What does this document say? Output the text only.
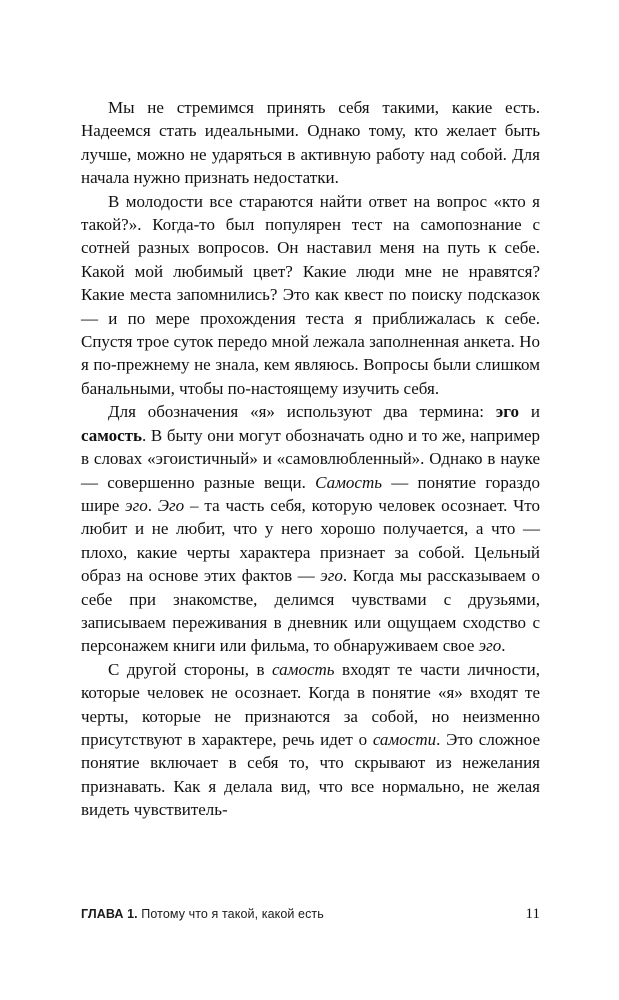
Мы не стремимся принять себя такими, какие есть. Надеемся стать идеальными. Однако тому, кто желает быть лучше, можно не ударяться в активную работу над собой. Для начала нужно признать недостатки.

В молодости все стараются найти ответ на вопрос «кто я такой?». Когда-то был популярен тест на самопознание с сотней разных вопросов. Он наставил меня на путь к себе. Какой мой любимый цвет? Какие люди мне не нравятся? Какие места запомнились? Это как квест по поиску подсказок — и по мере прохождения теста я приближалась к себе. Спустя трое суток передо мной лежала заполненная анкета. Но я по-прежнему не знала, кем являюсь. Вопросы были слишком банальными, чтобы по-настоящему изучить себя.

Для обозначения «я» используют два термина: эго и самость. В быту они могут обозначать одно и то же, например в словах «эгоистичный» и «самовлюбленный». Однако в науке — совершенно разные вещи. Самость — понятие гораздо шире эго. Эго – та часть себя, которую человек осознает. Что любит и не любит, что у него хорошо получается, а что — плохо, какие черты характера признает за собой. Цельный образ на основе этих фактов — эго. Когда мы рассказываем о себе при знакомстве, делимся чувствами с друзьями, записываем переживания в дневник или ощущаем сходство с персонажем книги или фильма, то обнаруживаем свое эго.

С другой стороны, в самость входят те части личности, которые человек не осознает. Когда в понятие «я» входят те черты, которые не признаются за собой, но неизменно присутствуют в характере, речь идет о самости. Это сложное понятие включает в себя то, что скрывают из нежелания признавать. Как я делала вид, что все нормально, не желая видеть чувствитель-

ГЛАВА 1. Потому что я такой, какой есть	11
